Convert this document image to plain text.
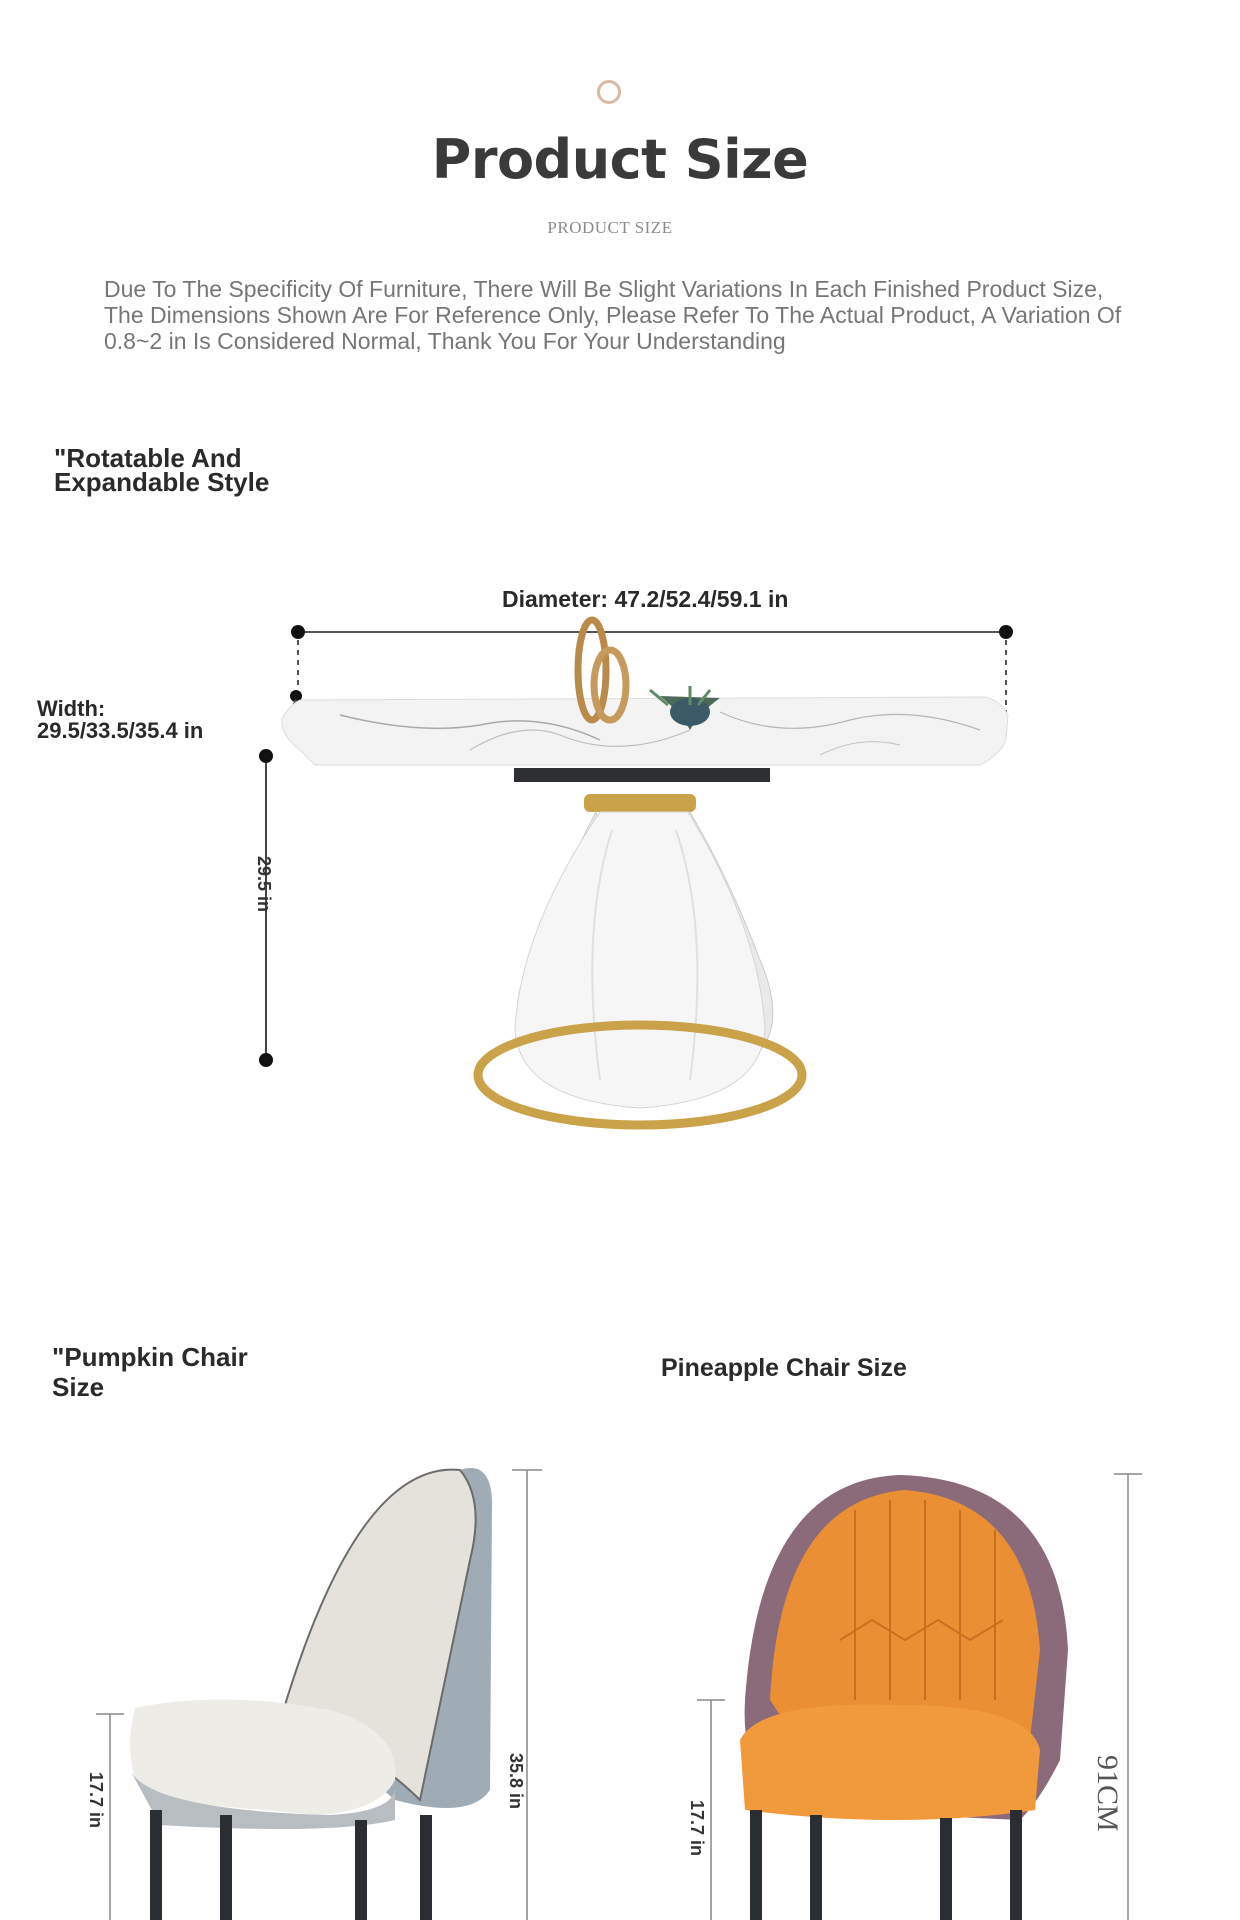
Product Size
PRODUCT SIZE
Due To The Specificity Of Furniture, There Will Be Slight Variations In Each Finished Product Size, The Dimensions Shown Are For Reference Only, Please Refer To The Actual Product, A Variation Of 0.8~2 in Is Considered Normal, Thank You For Your Understanding
"Rotatable And Expandable Style
Diameter: 47.2/52.4/59.1 in
Width:
29.5/33.5/35.4 in
29.5 in
"Pumpkin Chair Size
Pineapple Chair Size
17.7 in	35.8 in
17.7 in	91CM
